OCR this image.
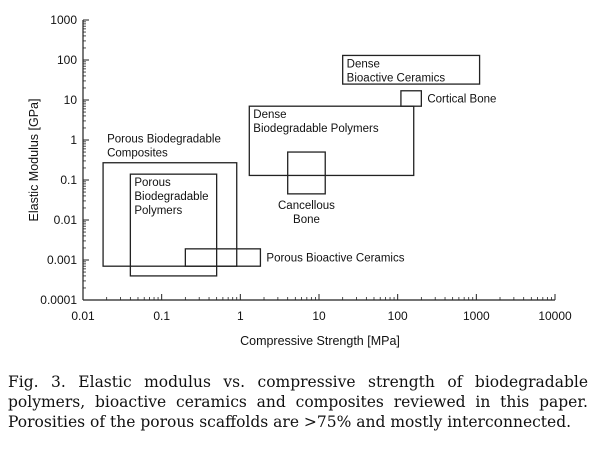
0.01	0.1	1	10	100	1000	10000
0.0001
0.001
0.01
0.1
1
10
100
1000
Porous Biodegradable Composites
Porous Biodegradable Polymers
Porous Bioactive Ceramics
Dense Biodegradable Polymers
Cancellous Bone
Dense Bioactive Ceramics
Cortical Bone
Compressive Strength [MPa]
Elastic Modulus [GPa]

Fig. 3. Elastic modulus vs. compressive strength of biodegradable polymers, bioactive ceramics and composites reviewed in this paper. Porosities of the porous scaffolds are >75% and mostly interconnected.
